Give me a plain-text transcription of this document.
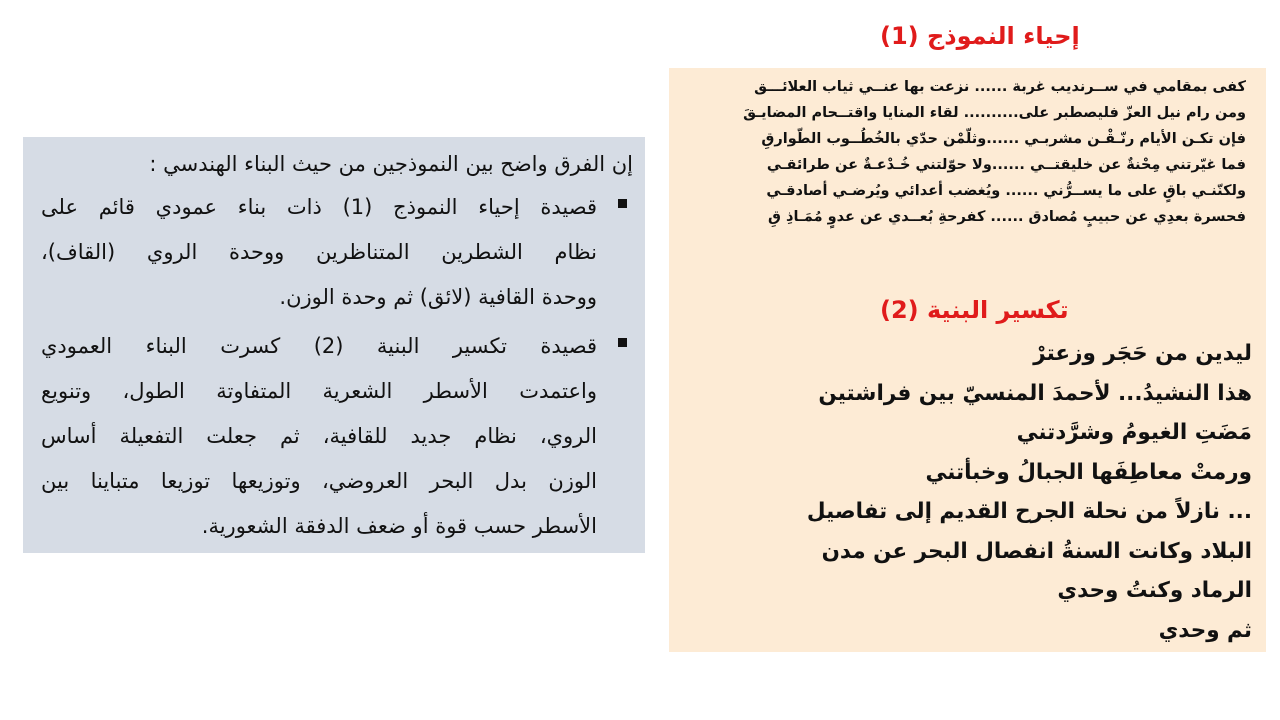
إن الفرق واضح بين النموذجين من حيث البناء الهندسي :
قصيدة إحياء النموذج (1) ذات بناء عمودي قائم على
نظام الشطرين المتناظرين ووحدة الروي (القاف)،
ووحدة القافية (لائق) ثم وحدة الوزن.
قصيدة تكسير البنية (2) كسرت البناء العمودي
واعتمدت الأسطر الشعرية المتفاوتة الطول، وتنويع
الروي، نظام جديد للقافية، ثم جعلت التفعيلة أساس
الوزن بدل البحر العروضي، وتوزيعها توزيعا متباينا بين
الأسطر حسب قوة أو ضعف الدفقة الشعورية.
إحياء النموذج (1)
كفى بمقامي في ســرنديب غربة ...... نزعت بها عنــي ثياب العلائـــق
ومن رام نيل العزّ فليصطبر على.......... لقاء المنايا واقتــحام المضايـقَ
فإن تكـن الأيام رنّـقْـن مشربـي ......وثلّمْن حدّي بالخُطُــوب الطّوارقِ
فما غيّرتني مِحْنةٌ عن خليقتــي ......ولا حوّلتني خُـدْعـةٌ عن طرائقـي
ولكنّنـي باقٍ على ما يســرُّني ...... ويُغضب أعدائي ويُرضـي أصادقـي
فحسرة بعدِي عن حبيبٍ مُصادق ...... كفرحةِ بُعــدي عن عدوٍ مُمَـاذِ قِ
ليدين من حَجَر وزعترْ
هذا النشيدُ... لأحمدَ المنسيّ بين فراشتين
مَضَتِ الغيومُ وشرَّدتني
ورمتْ معاطِفَها الجبالُ وخبأتني
... نازلاً من نحلة الجرح القديم إلى تفاصيل
البلاد وكانت السنةُ انفصال البحر عن مدن
الرماد وكنتُ وحدي
ثم وحدي
تكسير البنية (2)
